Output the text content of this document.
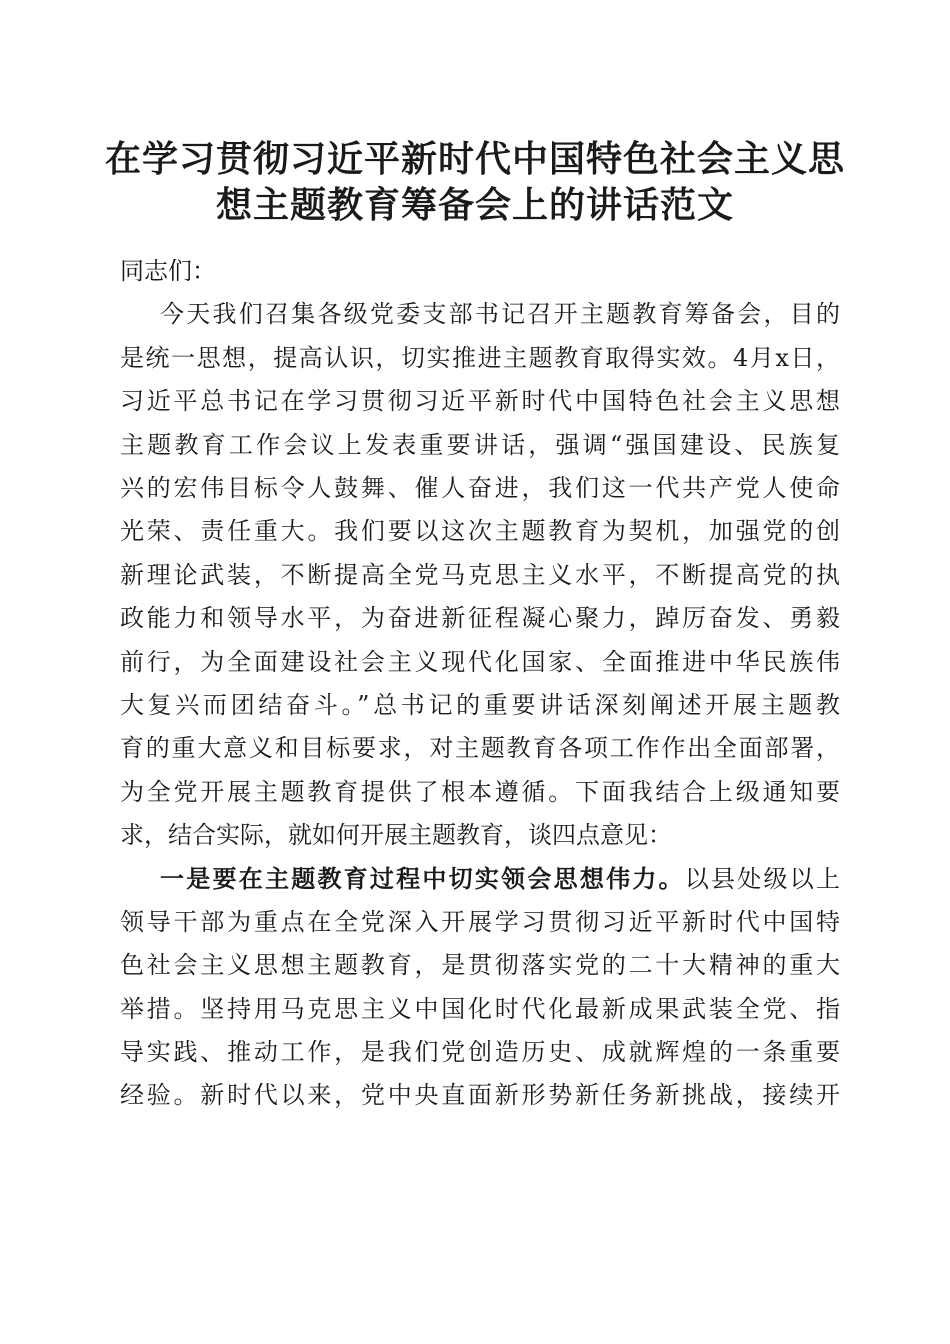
在学习贯彻习近平新时代中国特色社会主义思
想主题教育筹备会上的讲话范文
同志们：
今天我们召集各级党委支部书记召开主题教育筹备会，目的
是统一思想，提高认识，切实推进主题教育取得实效。4月x日，
习近平总书记在学习贯彻习近平新时代中国特色社会主义思想
主题教育工作会议上发表重要讲话，强调“强国建设、民族复
兴的宏伟目标令人鼓舞、催人奋进，我们这一代共产党人使命
光荣、责任重大。我们要以这次主题教育为契机，加强党的创
新理论武装，不断提高全党马克思主义水平，不断提高党的执
政能力和领导水平，为奋进新征程凝心聚力，踔厉奋发、勇毅
前行，为全面建设社会主义现代化国家、全面推进中华民族伟
大复兴而团结奋斗。”总书记的重要讲话深刻阐述开展主题教
育的重大意义和目标要求，对主题教育各项工作作出全面部署，
为全党开展主题教育提供了根本遵循。下面我结合上级通知要
求，结合实际，就如何开展主题教育，谈四点意见：
一是要在主题教育过程中切实领会思想伟力。以县处级以上
领导干部为重点在全党深入开展学习贯彻习近平新时代中国特
色社会主义思想主题教育，是贯彻落实党的二十大精神的重大
举措。坚持用马克思主义中国化时代化最新成果武装全党、指
导实践、推动工作，是我们党创造历史、成就辉煌的一条重要
经验。新时代以来，党中央直面新形势新任务新挑战，接续开
